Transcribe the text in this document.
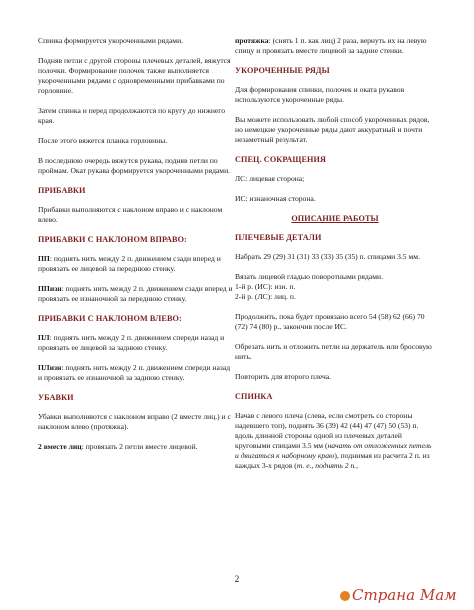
Спинка формируется укороченными рядами.

Подняв петли с другой стороны плечевых деталей, вяжутся полочки. Формирование полочек также выполняется укороченными рядами с одновременными прибавками по горловине.

Затем спинка и перед продолжаются по кругу до нижнего края.

После этого вяжется планка горловины.

В последнюю очередь вяжутся рукава, подняв петли по проймам. Окат рукава формируется укороченными рядами.

ПРИБАВКИ

Прибавки выполняются с наклоном вправо и с наклоном влево.

ПРИБАВКИ С НАКЛОНОМ ВПРАВО:

ПП: поднять нить между 2 п. движением сзади вперед и провязать ее лицевой за переднюю стенку.

ППизн: поднять нить между 2 п. движением сзади вперед и провязать ее изнаночной за переднюю стенку.

ПРИБАВКИ С НАКЛОНОМ ВЛЕВО:

ПЛ: поднять нить между 2 п. движением спереди назад и провязать ее лицевой за заднюю стенку.

ПЛизн: поднять нить между 2 п. движением спереди назад и провязать ее изнаночной за заднюю стенку.

УБАВКИ

Убавки выполняются с наклоном вправо (2 вместе лиц.) и с наклоном влево (протяжка).

2 вместе лиц: провязать 2 петли вместе лицевой.

протяжка: (снять 1 п. как лиц) 2 раза, вернуть их на левую спицу и провязать вместе лицевой за задние стенки.

УКОРОЧЕННЫЕ РЯДЫ

Для формирования спинки, полочек и оката рукавов используются укороченные ряды.

Вы можете использовать любой способ укороченных рядов, но немецкие укороченные ряды дают аккуратный и почти незаметный результат.

СПЕЦ. СОКРАЩЕНИЯ

ЛС: лицевая сторона;

ИС: изнаночная сторона.

ОПИСАНИЕ РАБОТЫ

ПЛЕЧЕВЫЕ ДЕТАЛИ

Набрать 29 (29) 31 (31) 33 (33) 35 (35) п. спицами 3.5 мм.

Вязать лицевой гладью поворотными рядами.
1-й р. (ИС): изн. п.
2-й р. (ЛС): лиц. п.

Продолжить, пока будет провязано всего 54 (58) 62 (66) 70 (72) 74 (80) р., закончив после ИС.

Обрезать нить и отложить петли на держатель или бросовую нить.

Повторить для второго плеча.

СПИНКА

Начав с левого плеча (слева, если смотреть со стороны надевшего топ), поднять 36 (39) 42 (44) 47 (47) 50 (53) п. вдоль длинной стороны одной из плечевых деталей круговыми спицами 3.5 мм (начать от отложенных петель и двигаться к наборному краю), поднимая из расчета 2 п. из каждых 3-х рядов (т. е., поднять 2 п.,

2
Страна Мам
